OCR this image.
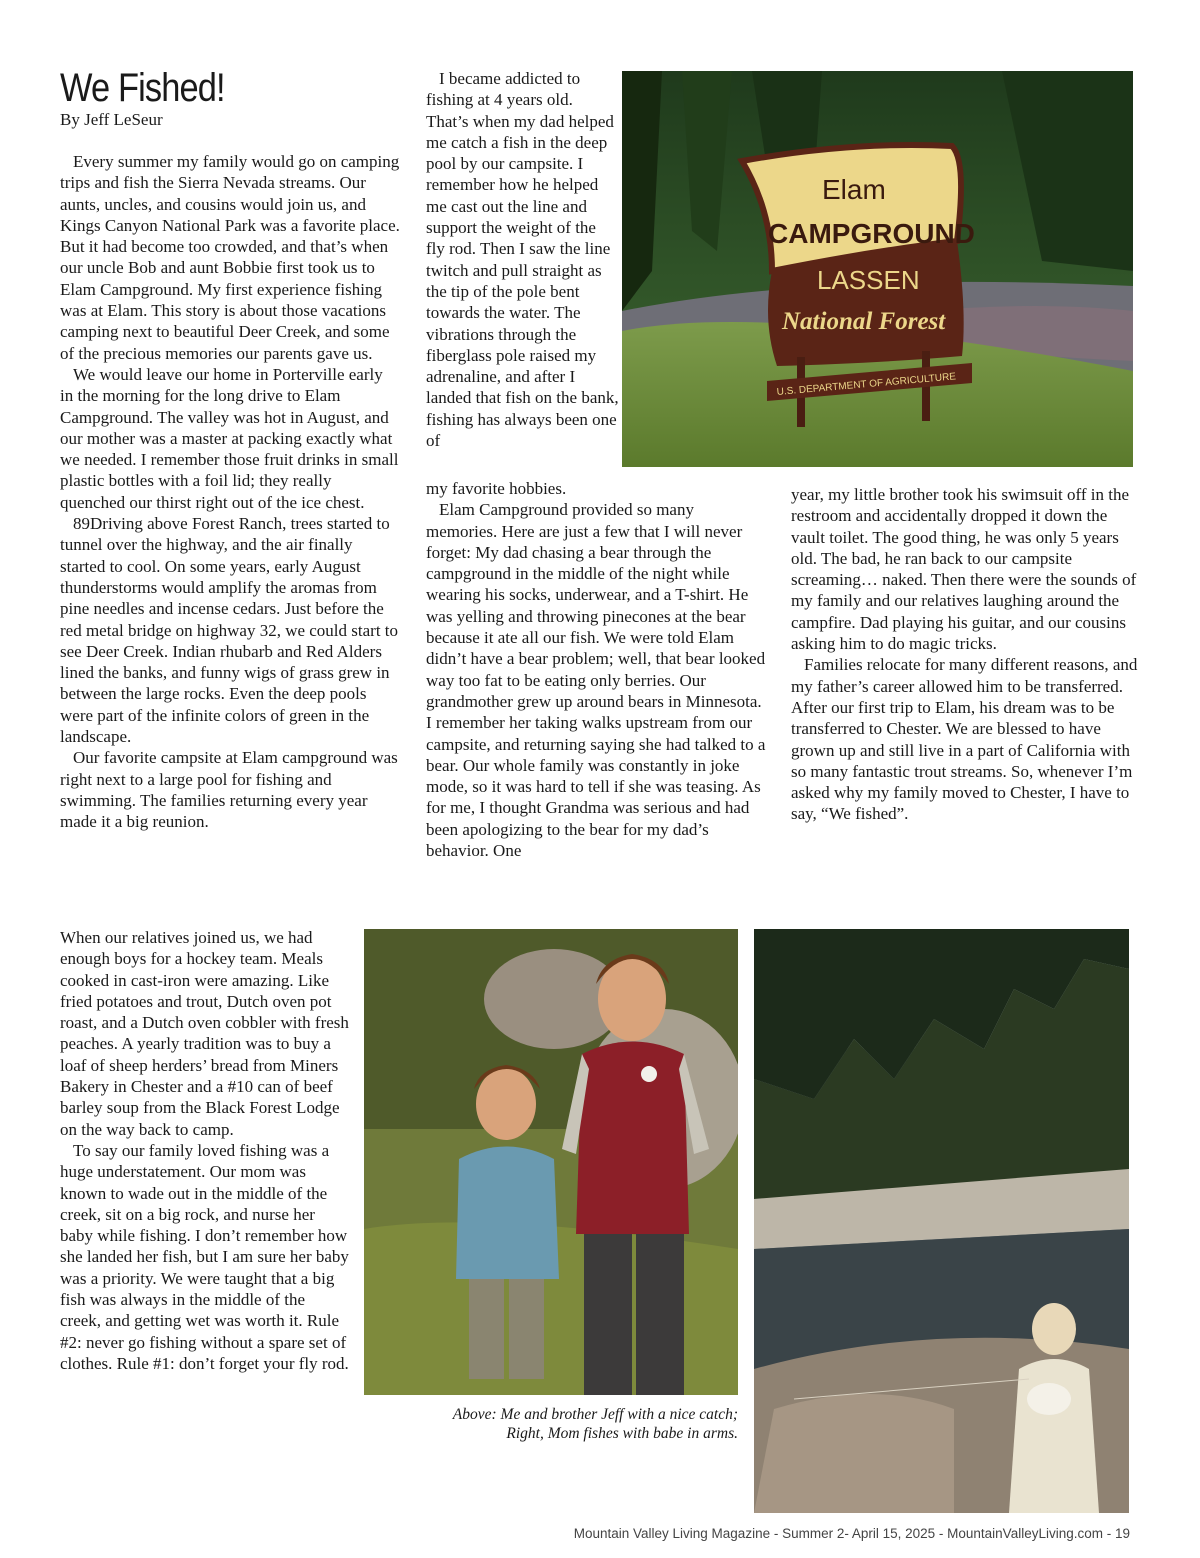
We Fished!
By Jeff LeSeur

Every summer my family would go on camping trips and fish the Sierra Nevada streams. Our aunts, uncles, and cousins would join us, and Kings Canyon National Park was a favorite place. But it had become too crowded, and that’s when our uncle Bob and aunt Bobbie first took us to Elam Campground. My first experience fishing was at Elam. This story is about those vacations camping next to beautiful Deer Creek, and some of the precious memories our parents gave us.

We would leave our home in Porterville early in the morning for the long drive to Elam Campground. The valley was hot in August, and our mother was a master at packing exactly what we needed. I remember those fruit drinks in small plastic bottles with a foil lid; they really quenched our thirst right out of the ice chest.

89Driving above Forest Ranch, trees started to tunnel over the highway, and the air finally started to cool. On some years, early August thunderstorms would amplify the aromas from pine needles and incense cedars. Just before the red metal bridge on highway 32, we could start to see Deer Creek. Indian rhubarb and Red Alders lined the banks, and funny wigs of grass grew in between the large rocks. Even the deep pools were part of the infinite colors of green in the landscape.

Our favorite campsite at Elam campground was right next to a large pool for fishing and swimming. The families returning every year made it a big reunion.

When our relatives joined us, we had enough boys for a hockey team. Meals cooked in cast-iron were amazing. Like fried potatoes and trout, Dutch oven pot roast, and a Dutch oven cobbler with fresh peaches. A yearly tradition was to buy a loaf of sheep herders’ bread from Miners Bakery in Chester and a #10 can of beef barley soup from the Black Forest Lodge on the way back to camp.

To say our family loved fishing was a huge understatement. Our mom was known to wade out in the middle of the creek, sit on a big rock, and nurse her baby while fishing. I don’t remember how she landed her fish, but I am sure her baby was a priority. We were taught that a big fish was always in the middle of the creek, and getting wet was worth it. Rule #2: never go fishing without a spare set of clothes. Rule #1: don’t forget your fly rod.

I became addicted to fishing at 4 years old. That’s when my dad helped me catch a fish in the deep pool by our campsite. I remember how he helped me cast out the line and support the weight of the fly rod. Then I saw the line twitch and pull straight as the tip of the pole bent towards the water. The vibrations through the fiberglass pole raised my adrenaline, and after I landed that fish on the bank, fishing has always been one of

my favorite hobbies.

Elam Campground provided so many memories. Here are just a few that I will never forget: My dad chasing a bear through the campground in the middle of the night while wearing his socks, underwear, and a T-shirt. He was yelling and throwing pinecones at the bear because it ate all our fish. We were told Elam didn’t have a bear problem; well, that bear looked way too fat to be eating only berries. Our grandmother grew up around bears in Minnesota. I remember her taking walks upstream from our campsite, and returning saying she had talked to a bear. Our whole family was constantly in joke mode, so it was hard to tell if she was teasing. As for me, I thought Grandma was serious and had been apologizing to the bear for my dad’s behavior. One

year, my little brother took his swimsuit off in the restroom and accidentally dropped it down the vault toilet. The good thing, he was only 5 years old. The bad, he ran back to our campsite screaming… naked. Then there were the sounds of my family and our relatives laughing around the campfire. Dad playing his guitar, and our cousins asking him to do magic tricks.

Families relocate for many different reasons, and my father’s career allowed him to be transferred. After our first trip to Elam, his dream was to be transferred to Chester. We are blessed to have grown up and still live in a part of California with so many fantastic trout streams. So, whenever I’m asked why my family moved to Chester, I have to say, “We fished”.

Elam
CAMPGROUND
LASSEN
National Forest
U.S. DEPARTMENT OF AGRICULTURE
Above: Me and brother Jeff with a nice catch;
Right, Mom fishes with babe in arms.
Mountain Valley Living Magazine - Summer 2- April 15, 2025 - MountainValleyLiving.com - 19
